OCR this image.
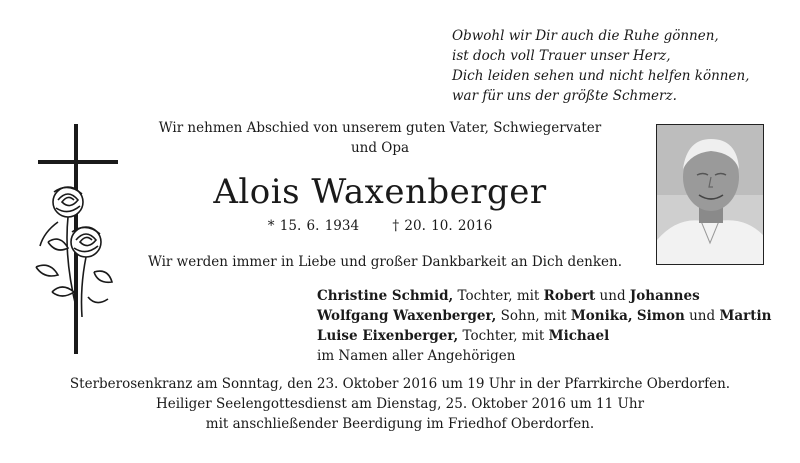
Obwohl wir Dir auch die Ruhe gönnen,
ist doch voll Trauer unser Herz,
Dich leiden sehen und nicht helfen können,
war für uns der größte Schmerz.
Wir nehmen Abschied von unserem guten Vater, Schwiegervater
und Opa
Alois Waxenberger
* 15. 6. 1934 † 20. 10. 2016
Wir werden immer in Liebe und großer Dankbarkeit an Dich denken.
Christine Schmid, Tochter, mit Robert und Johannes
Wolfgang Waxenberger, Sohn, mit Monika, Simon und Martin
Luise Eixenberger, Tochter, mit Michael
im Namen aller Angehörigen
Sterberosenkranz am Sonntag, den 23. Oktober 2016 um 19 Uhr in der Pfarrkirche Oberdorfen.
Heiliger Seelengottesdienst am Dienstag, 25. Oktober 2016 um 11 Uhr
mit anschließender Beerdigung im Friedhof Oberdorfen.
